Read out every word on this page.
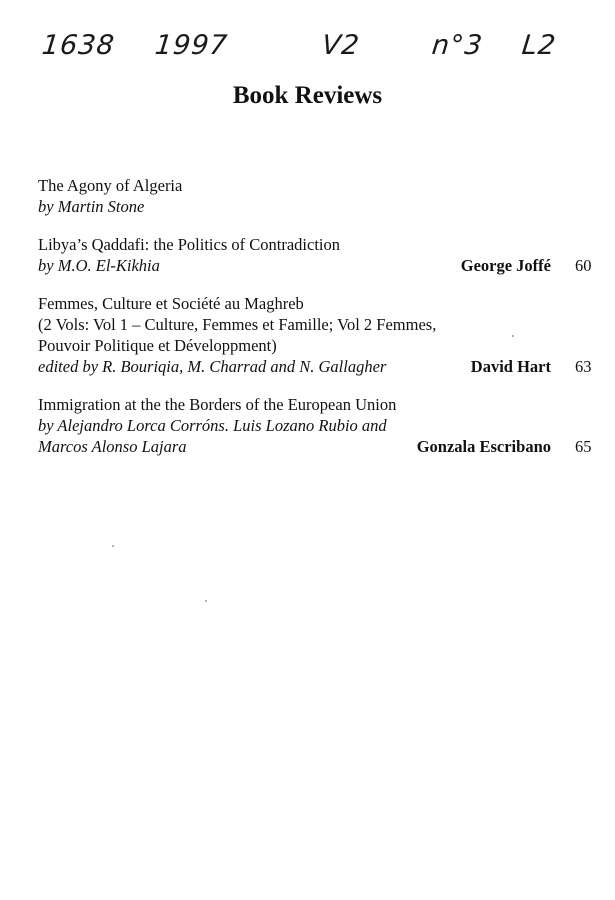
1638 1997	V2	n°3 L2
Book Reviews
The Agony of Algeria
by Martin Stone
Libya’s Qaddafi: the Politics of Contradiction
by M.O. El-Kikhia	George Joffé 60
Femmes, Culture et Société au Maghreb
(2 Vols: Vol 1 – Culture, Femmes et Famille; Vol 2 Femmes,
Pouvoir Politique et Développment)
edited by R. Bouriqia, M. Charrad and N. Gallagher	David Hart 63
Immigration at the the Borders of the European Union
by Alejandro Lorca Corróns. Luis Lozano Rubio and
Marcos Alonso Lajara	Gonzala Escribano 65
